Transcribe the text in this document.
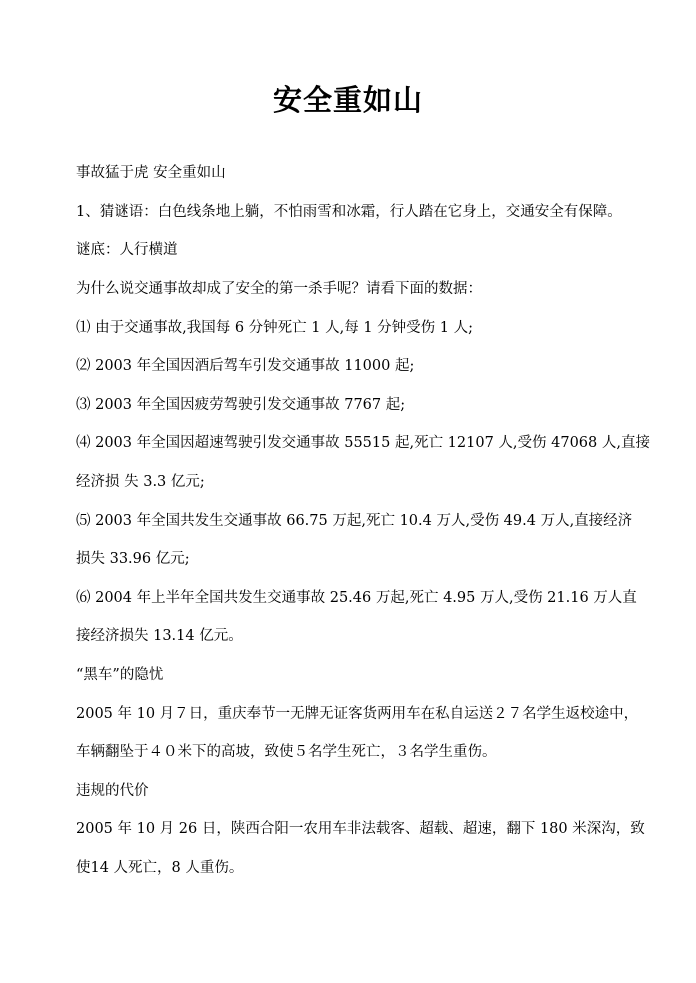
安全重如山
事故猛于虎 安全重如山
1、猜谜语：白色线条地上躺，不怕雨雪和冰霜，行人踏在它身上，交通安全有保障。
谜底：人行横道
为什么说交通事故却成了安全的第一杀手呢？请看下面的数据：
⑴ 由于交通事故,我国每 6 分钟死亡 1 人,每 1 分钟受伤 1 人;
⑵ 2003 年全国因酒后驾车引发交通事故 11000 起;
⑶ 2003 年全国因疲劳驾驶引发交通事故 7767 起;
⑷ 2003 年全国因超速驾驶引发交通事故 55515 起,死亡 12107 人,受伤 47068 人,直接
经济损 失 3.3 亿元;
⑸ 2003 年全国共发生交通事故 66.75 万起,死亡 10.4 万人,受伤 49.4 万人,直接经济
损失 33.96 亿元;
⑹ 2004 年上半年全国共发生交通事故 25.46 万起,死亡 4.95 万人,受伤 21.16 万人直
接经济损失 13.14 亿元。
“黑车”的隐忧
2005 年 10 月７日，重庆奉节一无牌无证客货两用车在私自运送２７名学生返校途中，
车辆翻坠于４０米下的高坡，致使５名学生死亡，３名学生重伤。
违规的代价
2005 年 10 月 26 日，陕西合阳一农用车非法载客、超载、超速，翻下 180 米深沟，致
使14 人死亡，8 人重伤。
